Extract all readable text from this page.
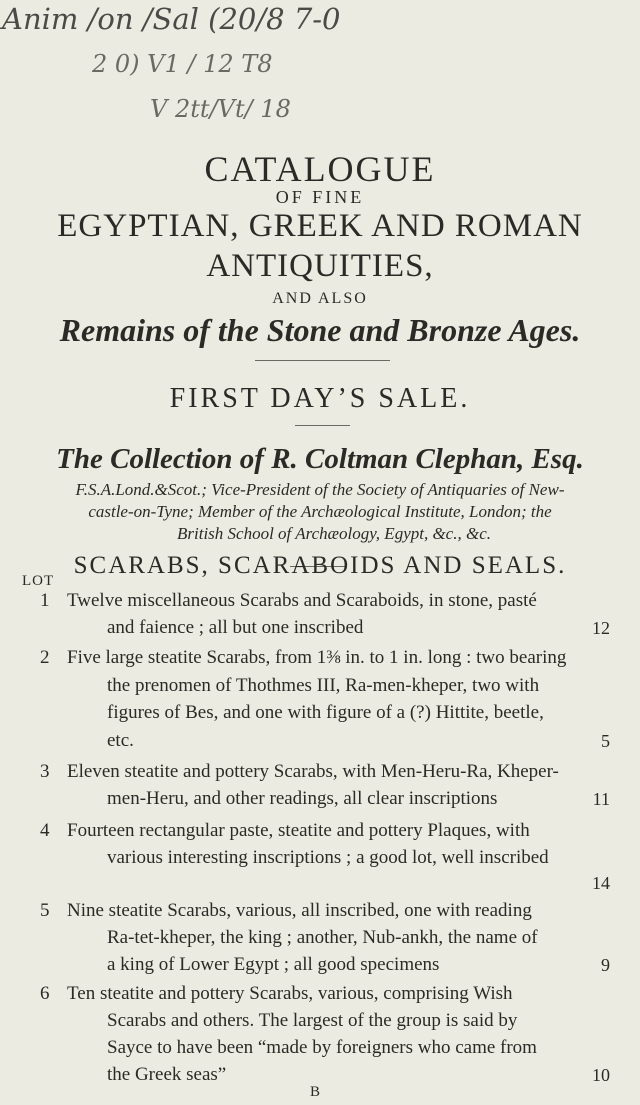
Anim /on /Sal (20/8 7-0
2 0) V1 / 12 T8
V 2tt/Vt/ 18
CATALOGUE
OF FINE
EGYPTIAN, GREEK AND ROMAN
ANTIQUITIES,
AND ALSO
Remains of the Stone and Bronze Ages.
FIRST DAY’S SALE.
The Collection of R. Coltman Clephan, Esq.
F.S.A.Lond.&Scot.; Vice-President of the Society of Antiquaries of New-
castle-on-Tyne; Member of the Archæological Institute, London; the
British School of Archæology, Egypt, &c., &c.
SCARABS, SCARABOIDS AND SEALS.
LOT
1 Twelve miscellaneous Scarabs and Scaraboids, in stone, pasté
and faience ; all but one inscribed	12
2 Five large steatite Scarabs, from 1⅜ in. to 1 in. long : two bearing
the prenomen of Thothmes III, Ra-men-kheper, two with
figures of Bes, and one with figure of a (?) Hittite, beetle,
etc.	5
3 Eleven steatite and pottery Scarabs, with Men-Heru-Ra, Kheper-
men-Heru, and other readings, all clear inscriptions	11
4 Fourteen rectangular paste, steatite and pottery Plaques, with
various interesting inscriptions ; a good lot, well inscribed
14
5 Nine steatite Scarabs, various, all inscribed, one with reading
Ra-tet-kheper, the king ; another, Nub-ankh, the name of
a king of Lower Egypt ; all good specimens	9
6 Ten steatite and pottery Scarabs, various, comprising Wish
Scarabs and others. The largest of the group is said by
Sayce to have been “made by foreigners who came from
the Greek seas”	10
B
